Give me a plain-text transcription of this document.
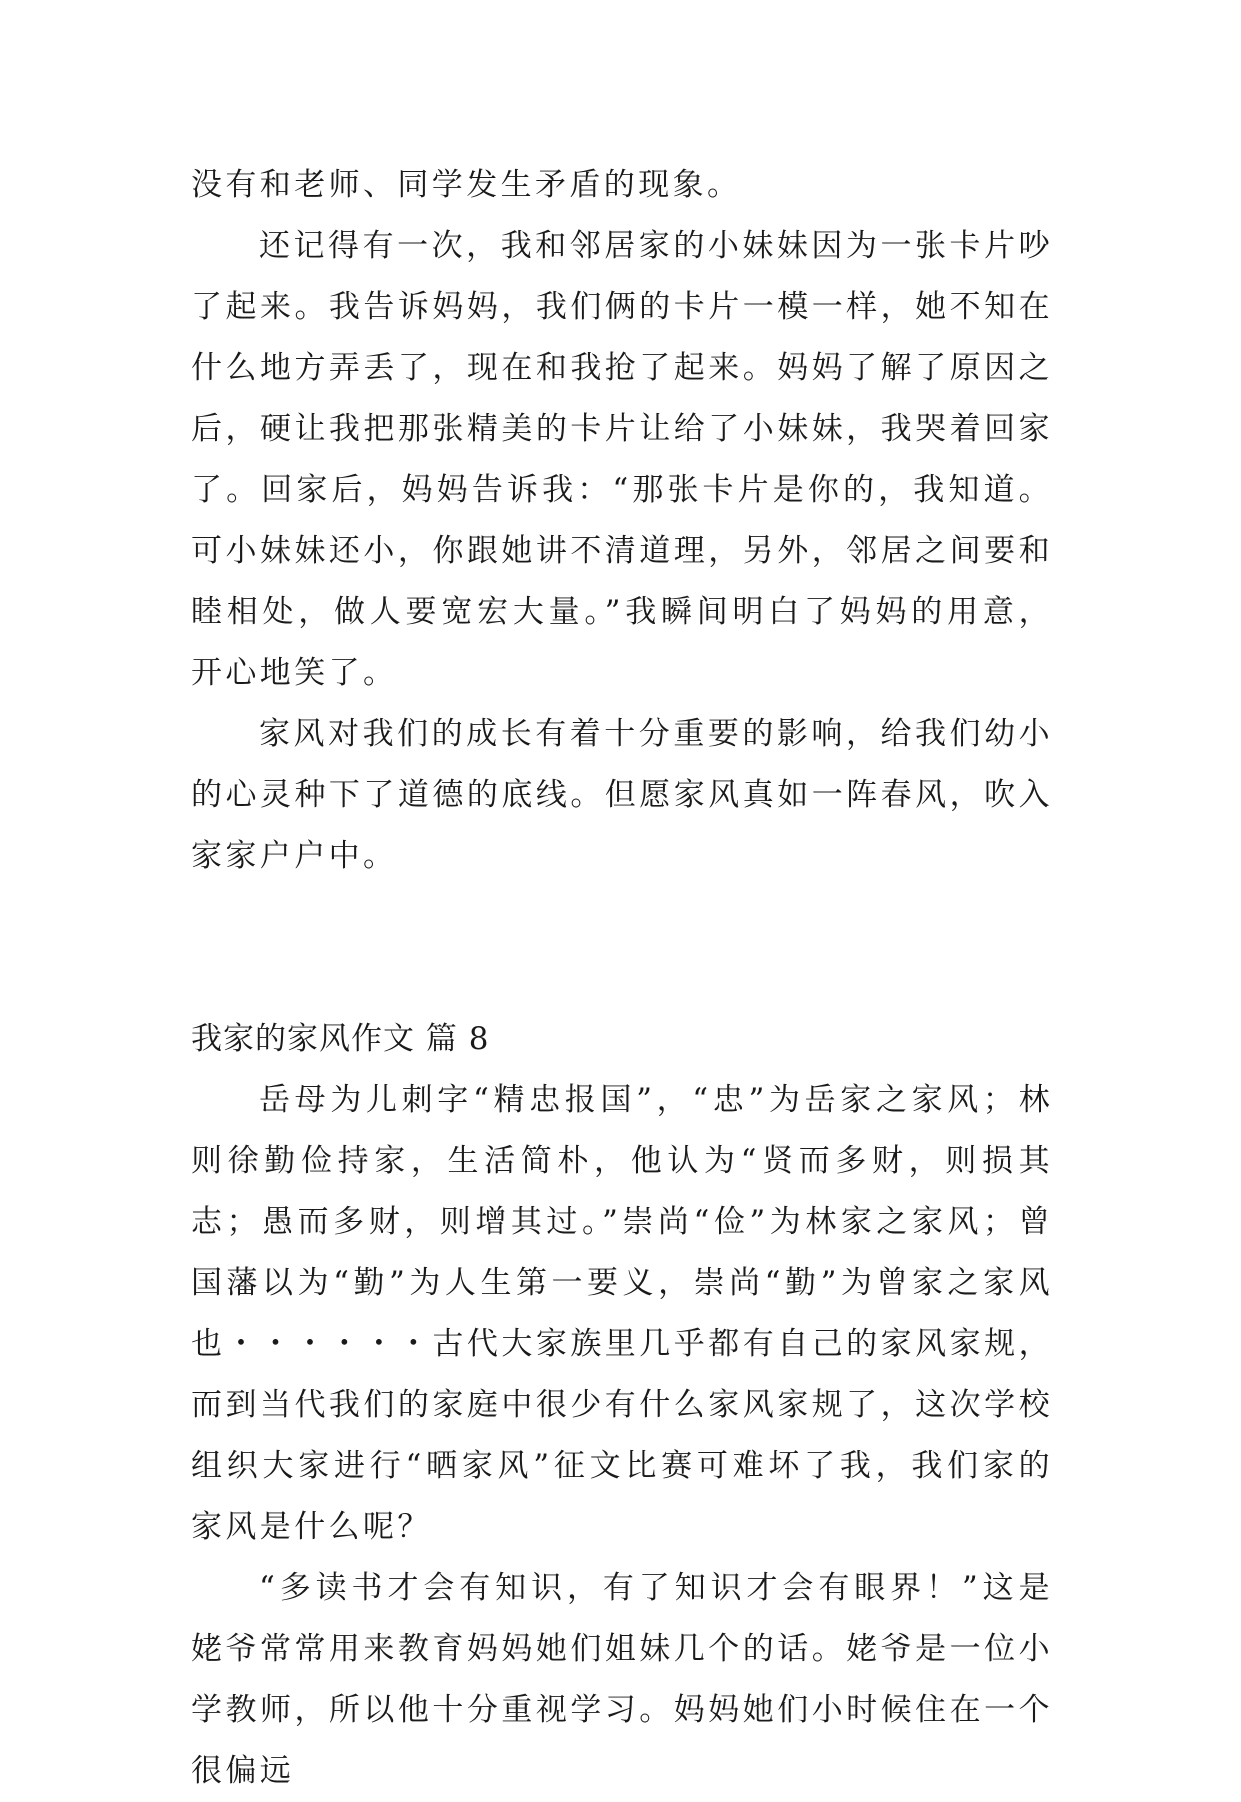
没有和老师、同学发生矛盾的现象。

还记得有一次，我和邻居家的小妹妹因为一张卡片吵了起来。我告诉妈妈，我们俩的卡片一模一样，她不知在什么地方弄丢了，现在和我抢了起来。妈妈了解了原因之后，硬让我把那张精美的卡片让给了小妹妹，我哭着回家了。回家后，妈妈告诉我：“那张卡片是你的，我知道。可小妹妹还小，你跟她讲不清道理，另外，邻居之间要和睦相处，做人要宽宏大量。”我瞬间明白了妈妈的用意，开心地笑了。

家风对我们的成长有着十分重要的影响，给我们幼小的心灵种下了道德的底线。但愿家风真如一阵春风，吹入家家户户中。

我家的家风作文 篇 8

岳母为儿刺字“精忠报国”，“忠”为岳家之家风；林则徐勤俭持家，生活简朴，他认为“贤而多财，则损其志；愚而多财，则增其过。”崇尚“俭”为林家之家风；曾国藩以为“勤”为人生第一要义，崇尚“勤”为曾家之家风也・・・・・・古代大家族里几乎都有自己的家风家规，而到当代我们的家庭中很少有什么家风家规了，这次学校组织大家进行“晒家风”征文比赛可难坏了我，我们家的家风是什么呢？

“多读书才会有知识，有了知识才会有眼界！”这是姥爷常常用来教育妈妈她们姐妹几个的话。姥爷是一位小学教师，所以他十分重视学习。妈妈她们小时候住在一个很偏远
